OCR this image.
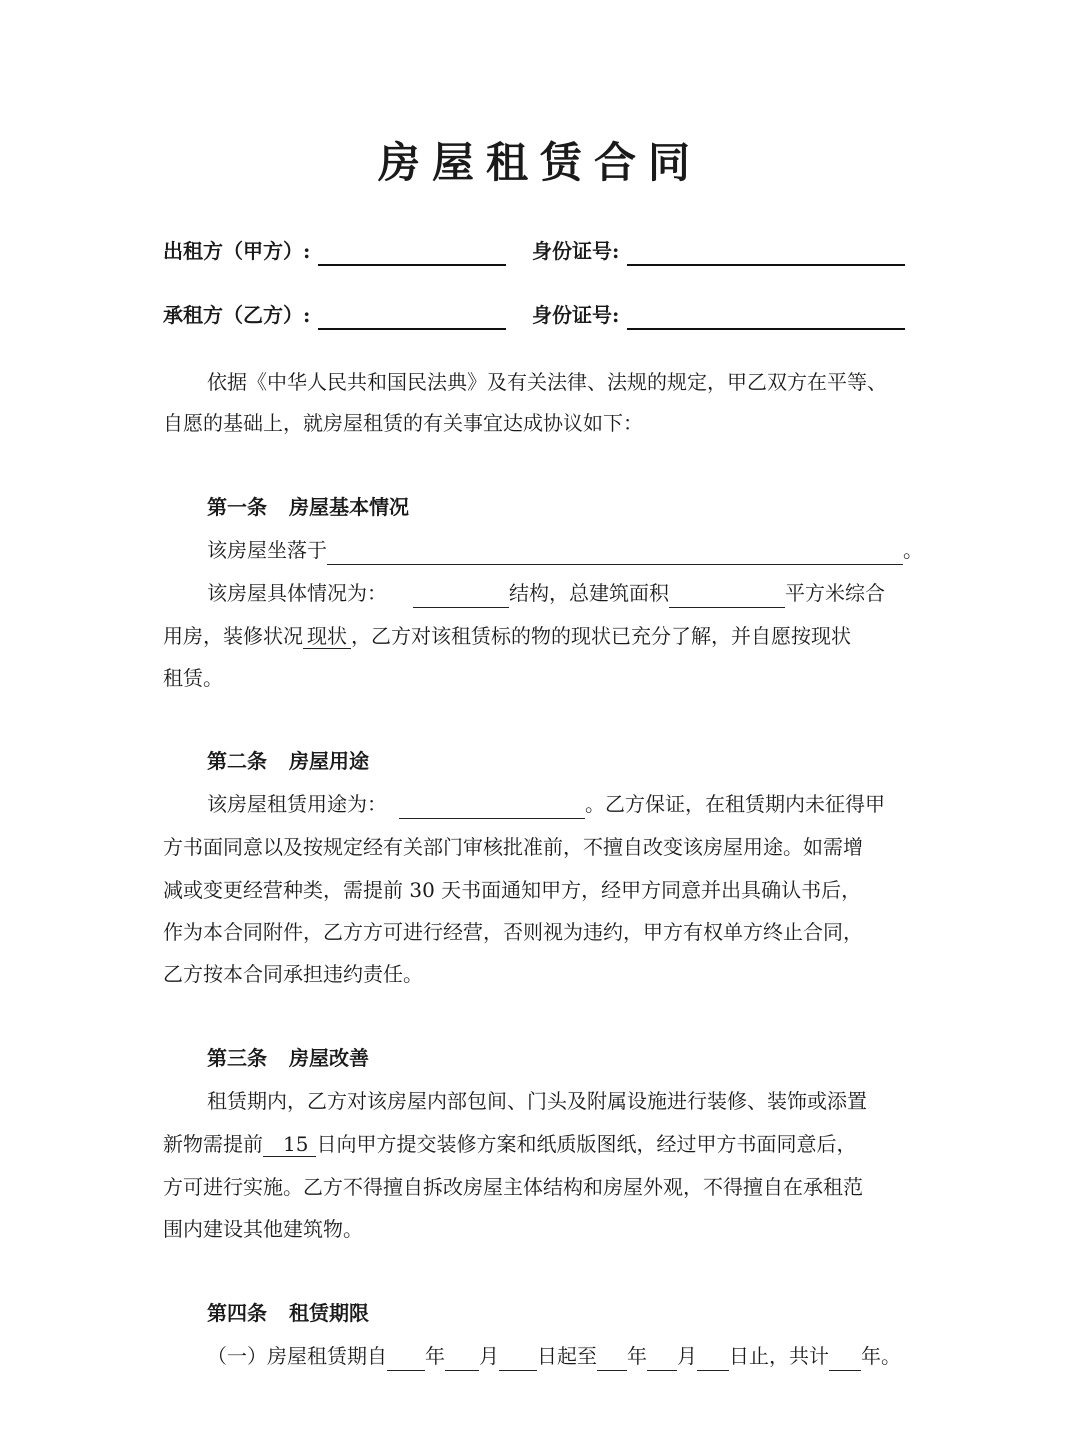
房屋租赁合同
出租方（甲方）:	身份证号:
承租方（乙方）:	身份证号:
依据《中华人民共和国民法典》及有关法律、法规的规定，甲乙双方在平等、
自愿的基础上，就房屋租赁的有关事宜达成协议如下：
第一条 房屋基本情况
该房屋坐落于	。
该房屋具体情况为：	结构，总建筑面积	平方米综合
用房，装修状况 现状 ，乙方对该租赁标的物的现状已充分了解，并自愿按现状
租赁。
第二条 房屋用途
该房屋租赁用途为：	。乙方保证，在租赁期内未征得甲
方书面同意以及按规定经有关部门审核批准前，不擅自改变该房屋用途。如需增
减或变更经营种类，需提前 30 天书面通知甲方，经甲方同意并出具确认书后，
作为本合同附件，乙方方可进行经营，否则视为违约，甲方有权单方终止合同，
乙方按本合同承担违约责任。
第三条 房屋改善
租赁期内，乙方对该房屋内部包间、门头及附属设施进行装修、装饰或添置
新物需提前 15 日向甲方提交装修方案和纸质版图纸，经过甲方书面同意后，
方可进行实施。乙方不得擅自拆改房屋主体结构和房屋外观，不得擅自在承租范
围内建设其他建筑物。
第四条 租赁期限
（一）房屋租赁期自 年 月 日起至 年 月 日止，共计 年。
